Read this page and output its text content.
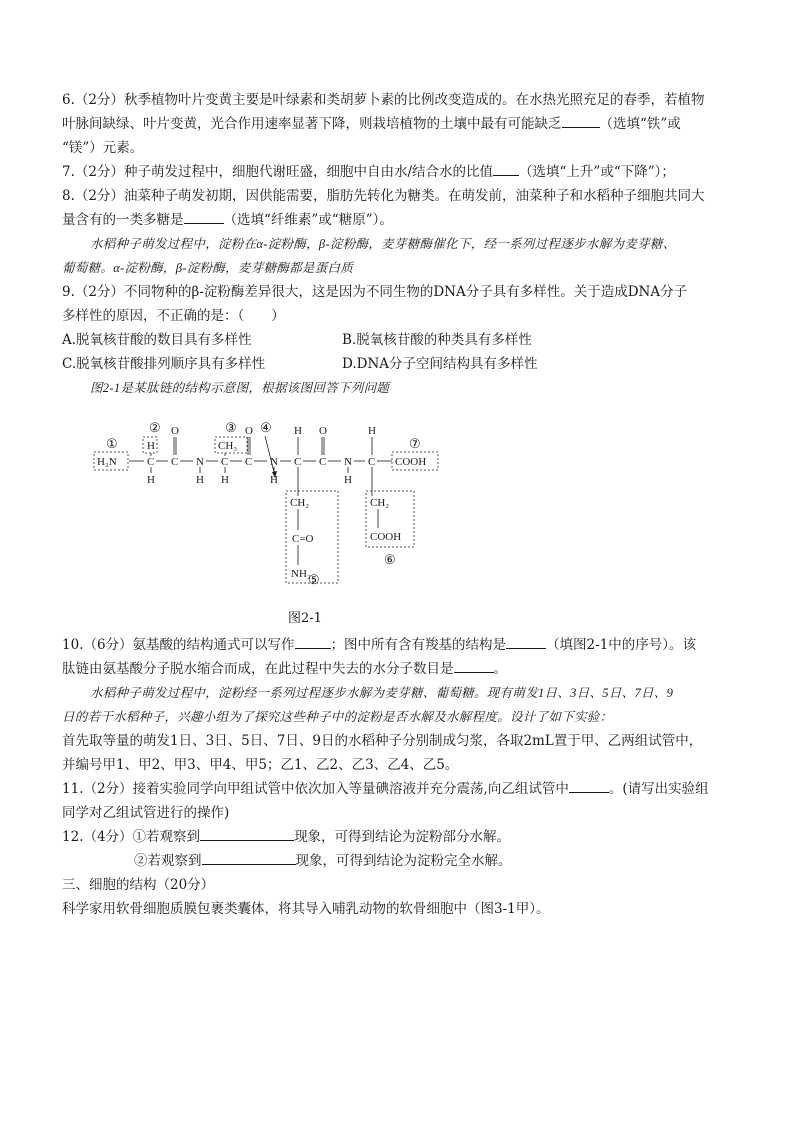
6.（2分）秋季植物叶片变黄主要是叶绿素和类胡萝卜素的比例改变造成的。在水热光照充足的春季，若植物
叶脉间缺绿、叶片变黄，光合作用速率显著下降，则栽培植物的土壤中最有可能缺乏	（选填“铁”或
“镁”）元素。
7.（2分）种子萌发过程中，细胞代谢旺盛，细胞中自由水/结合水的比值 （选填“上升”或“下降”）；
8.（2分）油菜种子萌发初期，因供能需要，脂肪先转化为糖类。在萌发前，油菜种子和水稻种子细胞共同大
量含有的一类多糖是	（选填“纤维素”或“糖原”）。
水稻种子萌发过程中，淀粉在α-淀粉酶，β-淀粉酶，麦芽糖酶催化下，经一系列过程逐步水解为麦芽糖、
葡萄糖。α-淀粉酶，β-淀粉酶，麦芽糖酶都是蛋白质
9.（2分）不同物种的β-淀粉酶差异很大，这是因为不同生物的DNA分子具有多样性。关于造成DNA分子
多样性的原因，不正确的是：（　　）
A.脱氧核苷酸的数目具有多样性	B.脱氧核苷酸的种类具有多样性
C.脱氧核苷酸排列顺序具有多样性	D.DNA分子空间结构具有多样性
图2-1是某肽链的结构示意图，根据该图回答下列问题
①
②	③ ④
⑦
⑤
⑥
H₂N
H
C
H
O
C N
H
CH₃
C
H
O
C N
H
H
C
O
C N
H
H
C COOH
CH₂
C=O
NH₂
CH₂
COOH
图2-1
10.（6分）氨基酸的结构通式可以写作	；图中所有含有羧基的结构是	（填图2-1中的序号）。该
肽链由氨基酸分子脱水缩合而成，在此过程中失去的水分子数目是	。
水稻种子萌发过程中，淀粉经一系列过程逐步水解为麦芽糖、葡萄糖。现有萌发1日、3日、5日、7日、9
日的若干水稻种子，兴趣小组为了探究这些种子中的淀粉是否水解及水解程度。设计了如下实验：
首先取等量的萌发1日、3日、5日、7日、9日的水稻种子分别制成匀浆，各取2mL置于甲、乙两组试管中，
并编号甲1、甲2、甲3、甲4、甲5；乙1、乙2、乙3、乙4、乙5。
11.（2分）接着实验同学向甲组试管中依次加入等量碘溶液并充分震荡,向乙组试管中	。(请写出实验组
同学对乙组试管进行的操作)
12.（4分）①若观察到	现象，可得到结论为淀粉部分水解。
②若观察到	现象，可得到结论为淀粉完全水解。
三、细胞的结构（20分）
科学家用软骨细胞质膜包裹类囊体，将其导入哺乳动物的软骨细胞中（图3-1甲）。
